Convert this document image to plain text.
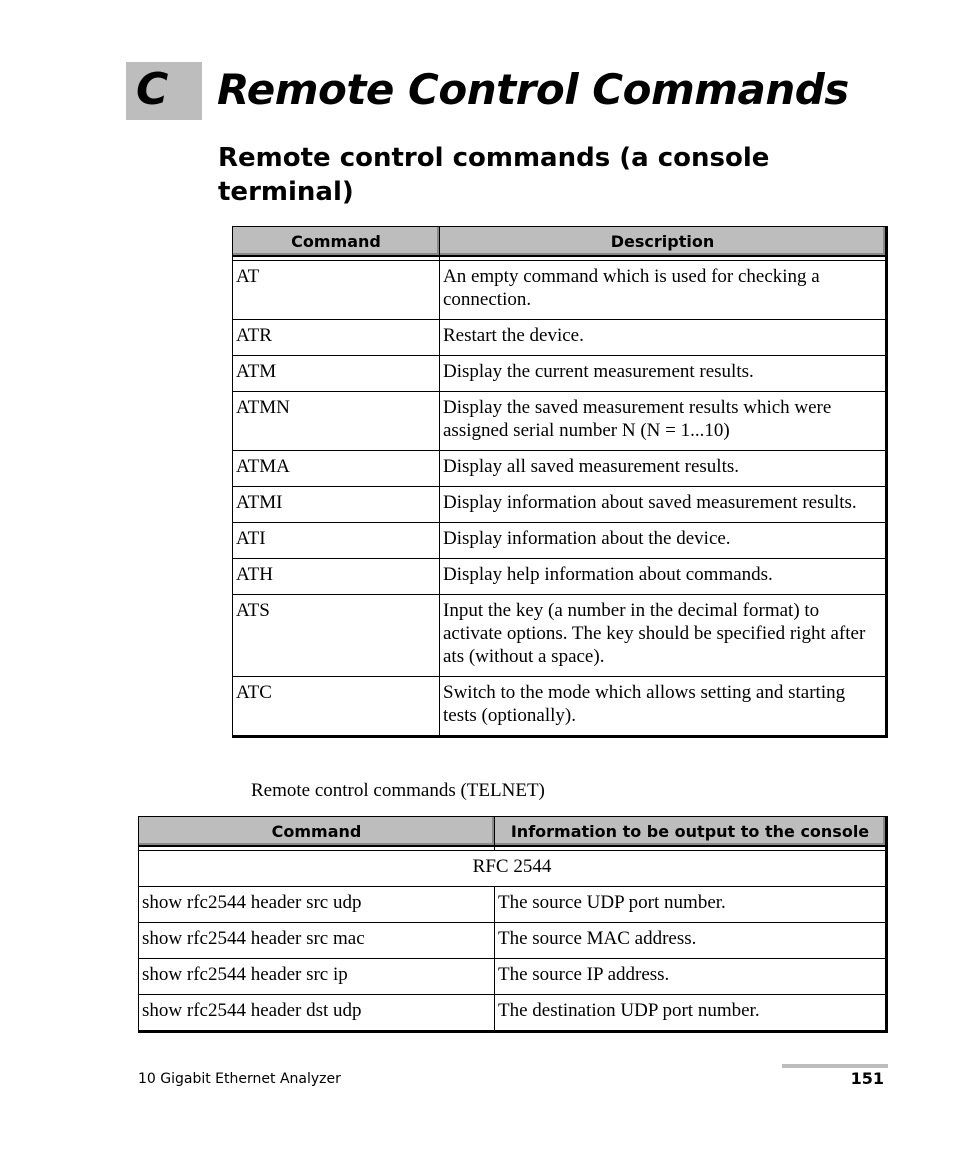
C Remote Control Commands
Remote control commands (a console terminal)
Command	Description

AT	An empty command which is used for checking a connection.
ATR	Restart the device.
ATM	Display the current measurement results.
ATMN	Display the saved measurement results which were assigned serial number N (N = 1...10)
ATMA	Display all saved measurement results.
ATMI	Display information about saved measurement results.
ATI	Display information about the device.
ATH	Display help information about commands.
ATS	Input the key (a number in the decimal format) to activate options. The key should be specified right after ats (without a space).
ATC	Switch to the mode which allows setting and starting tests (optionally).
Remote control commands (TELNET)
Command	Information to be output to the console

RFC 2544	
show rfc2544 header src udp	The source UDP port number.
show rfc2544 header src mac	The source MAC address.
show rfc2544 header src ip	The source IP address.
show rfc2544 header dst udp	The destination UDP port number.
10 Gigabit Ethernet Analyzer	151
